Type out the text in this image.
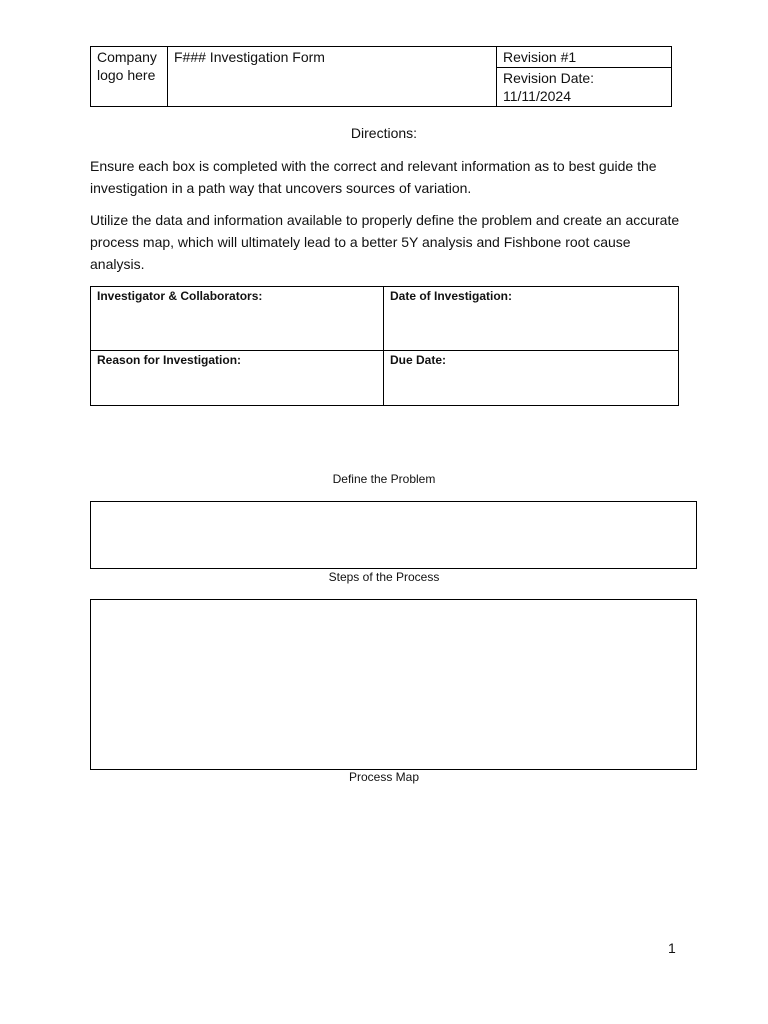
Company logo here	F### Investigation Form	Revision #1
Revision Date: 11/11/2024
Directions:

Ensure each box is completed with the correct and relevant information as to best guide the investigation in a path way that uncovers sources of variation.

Utilize the data and information available to properly define the problem and create an accurate process map, which will ultimately lead to a better 5Y analysis and Fishbone root cause analysis.

Investigator & Collaborators:	Date of Investigation:
Reason for Investigation:	Due Date:
Define the Problem
Steps of the Process
Process Map
1
